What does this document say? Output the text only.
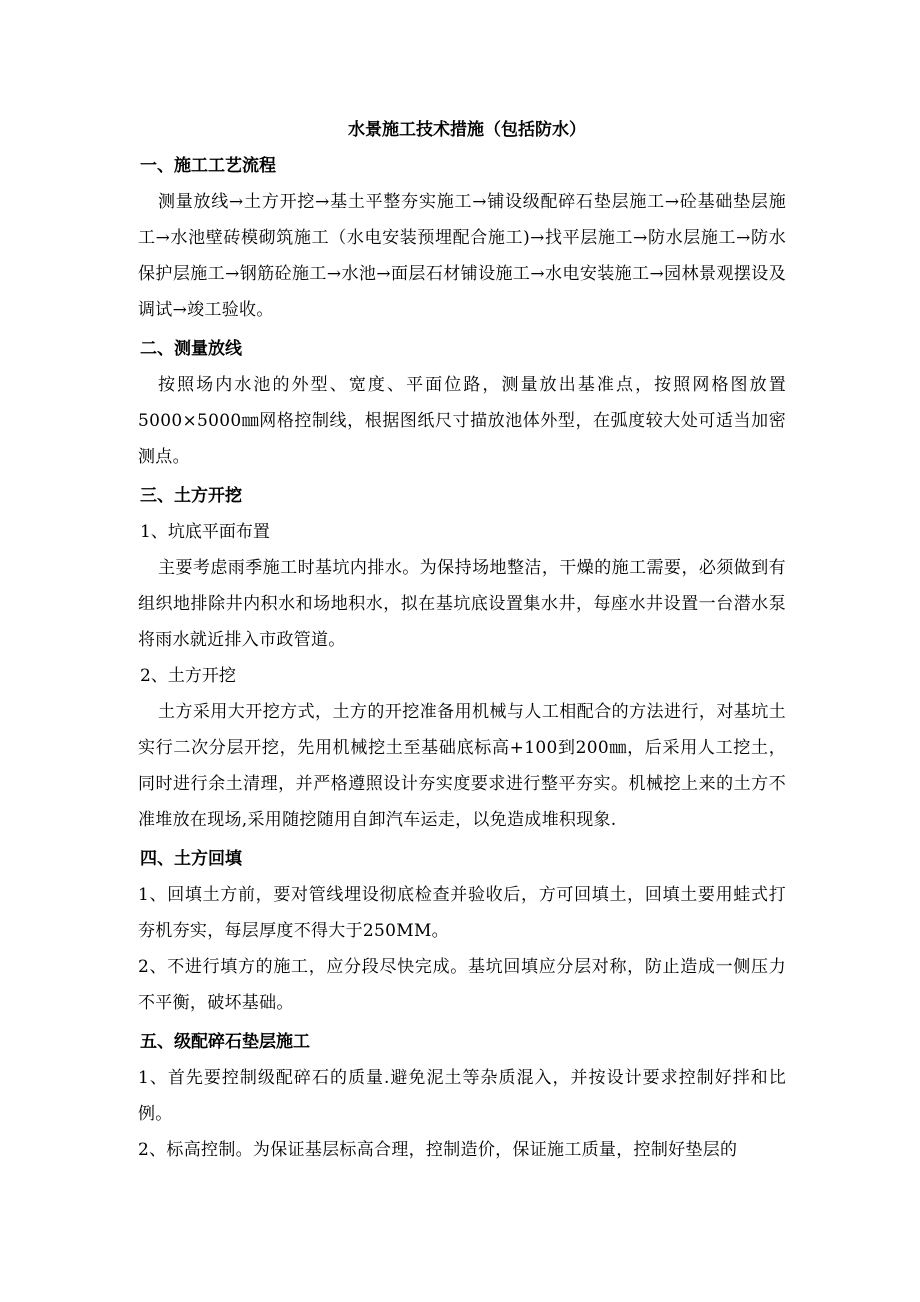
水景施工技术措施（包括防水）
一、施工工艺流程

测量放线→土方开挖→基土平整夯实施工→铺设级配碎石垫层施工→砼基础垫层施工→水池壁砖模砌筑施工（水电安装预埋配合施工)→找平层施工→防水层施工→防水保护层施工→钢筋砼施工→水池→面层石材铺设施工→水电安装施工→园林景观摆设及调试→竣工验收。

二、测量放线

按照场内水池的外型、宽度、平面位路，测量放出基准点，按照网格图放置5000×5000㎜网格控制线，根据图纸尺寸描放池体外型，在弧度较大处可适当加密测点。

三、土方开挖
1、坑底平面布置

主要考虑雨季施工时基坑内排水。为保持场地整洁，干燥的施工需要，必须做到有组织地排除井内积水和场地积水，拟在基坑底设置集水井，每座水井设置一台潜水泵将雨水就近排入市政管道。

2、土方开挖

土方采用大开挖方式，土方的开挖准备用机械与人工相配合的方法进行，对基坑土实行二次分层开挖，先用机械挖土至基础底标高+100到200㎜，后采用人工挖土，同时进行余土清理，并严格遵照设计夯实度要求进行整平夯实。机械挖上来的土方不准堆放在现场,采用随挖随用自卸汽车运走，以免造成堆积现象.

四、土方回填

1、回填土方前，要对管线埋设彻底检查并验收后，方可回填土，回填土要用蛙式打夯机夯实，每层厚度不得大于250MM。

2、不进行填方的施工，应分段尽快完成。基坑回填应分层对称，防止造成一侧压力不平衡，破坏基础。

五、级配碎石垫层施工

1、首先要控制级配碎石的质量.避免泥土等杂质混入，并按设计要求控制好拌和比例。

2、标高控制。为保证基层标高合理，控制造价，保证施工质量，控制好垫层的
